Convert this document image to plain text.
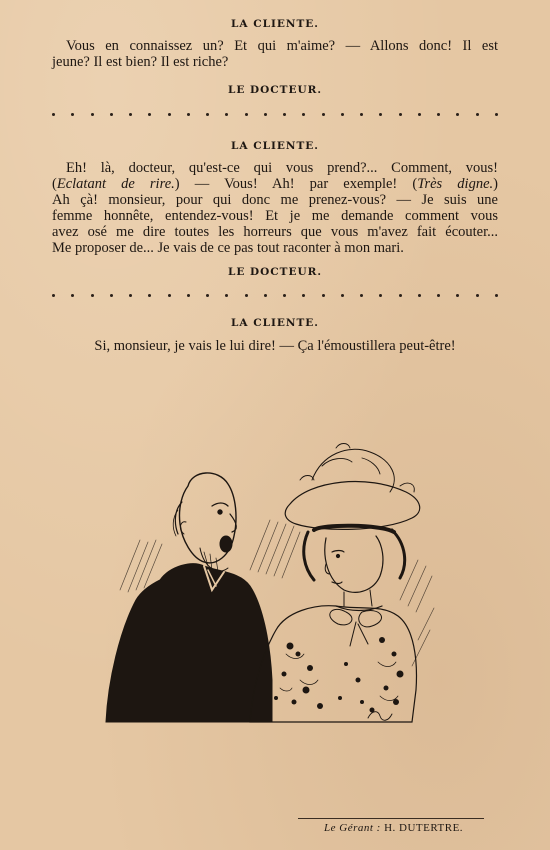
LA CLIENTE.
Vous en connaissez un? Et qui m'aime? — Allons donc! Il est
jeune? Il est bien? Il est riche?
LE DOCTEUR.
LA CLIENTE.
Eh! là, docteur, qu'est-ce qui vous prend?... Comment, vous!
(Eclatant de rire.) — Vous! Ah! par exemple! (Très digne.)
Ah çà! monsieur, pour qui donc me prenez-vous? — Je suis une
femme honnête, entendez-vous! Et je me demande comment vous
avez osé me dire toutes les horreurs que vous m'avez fait écouter...
Me proposer de... Je vais de ce pas tout raconter à mon mari.
LE DOCTEUR.
LA CLIENTE.
Si, monsieur, je vais le lui dire! — Ça l'émoustillera peut-être!
Le Gérant : H. DUTERTRE.
